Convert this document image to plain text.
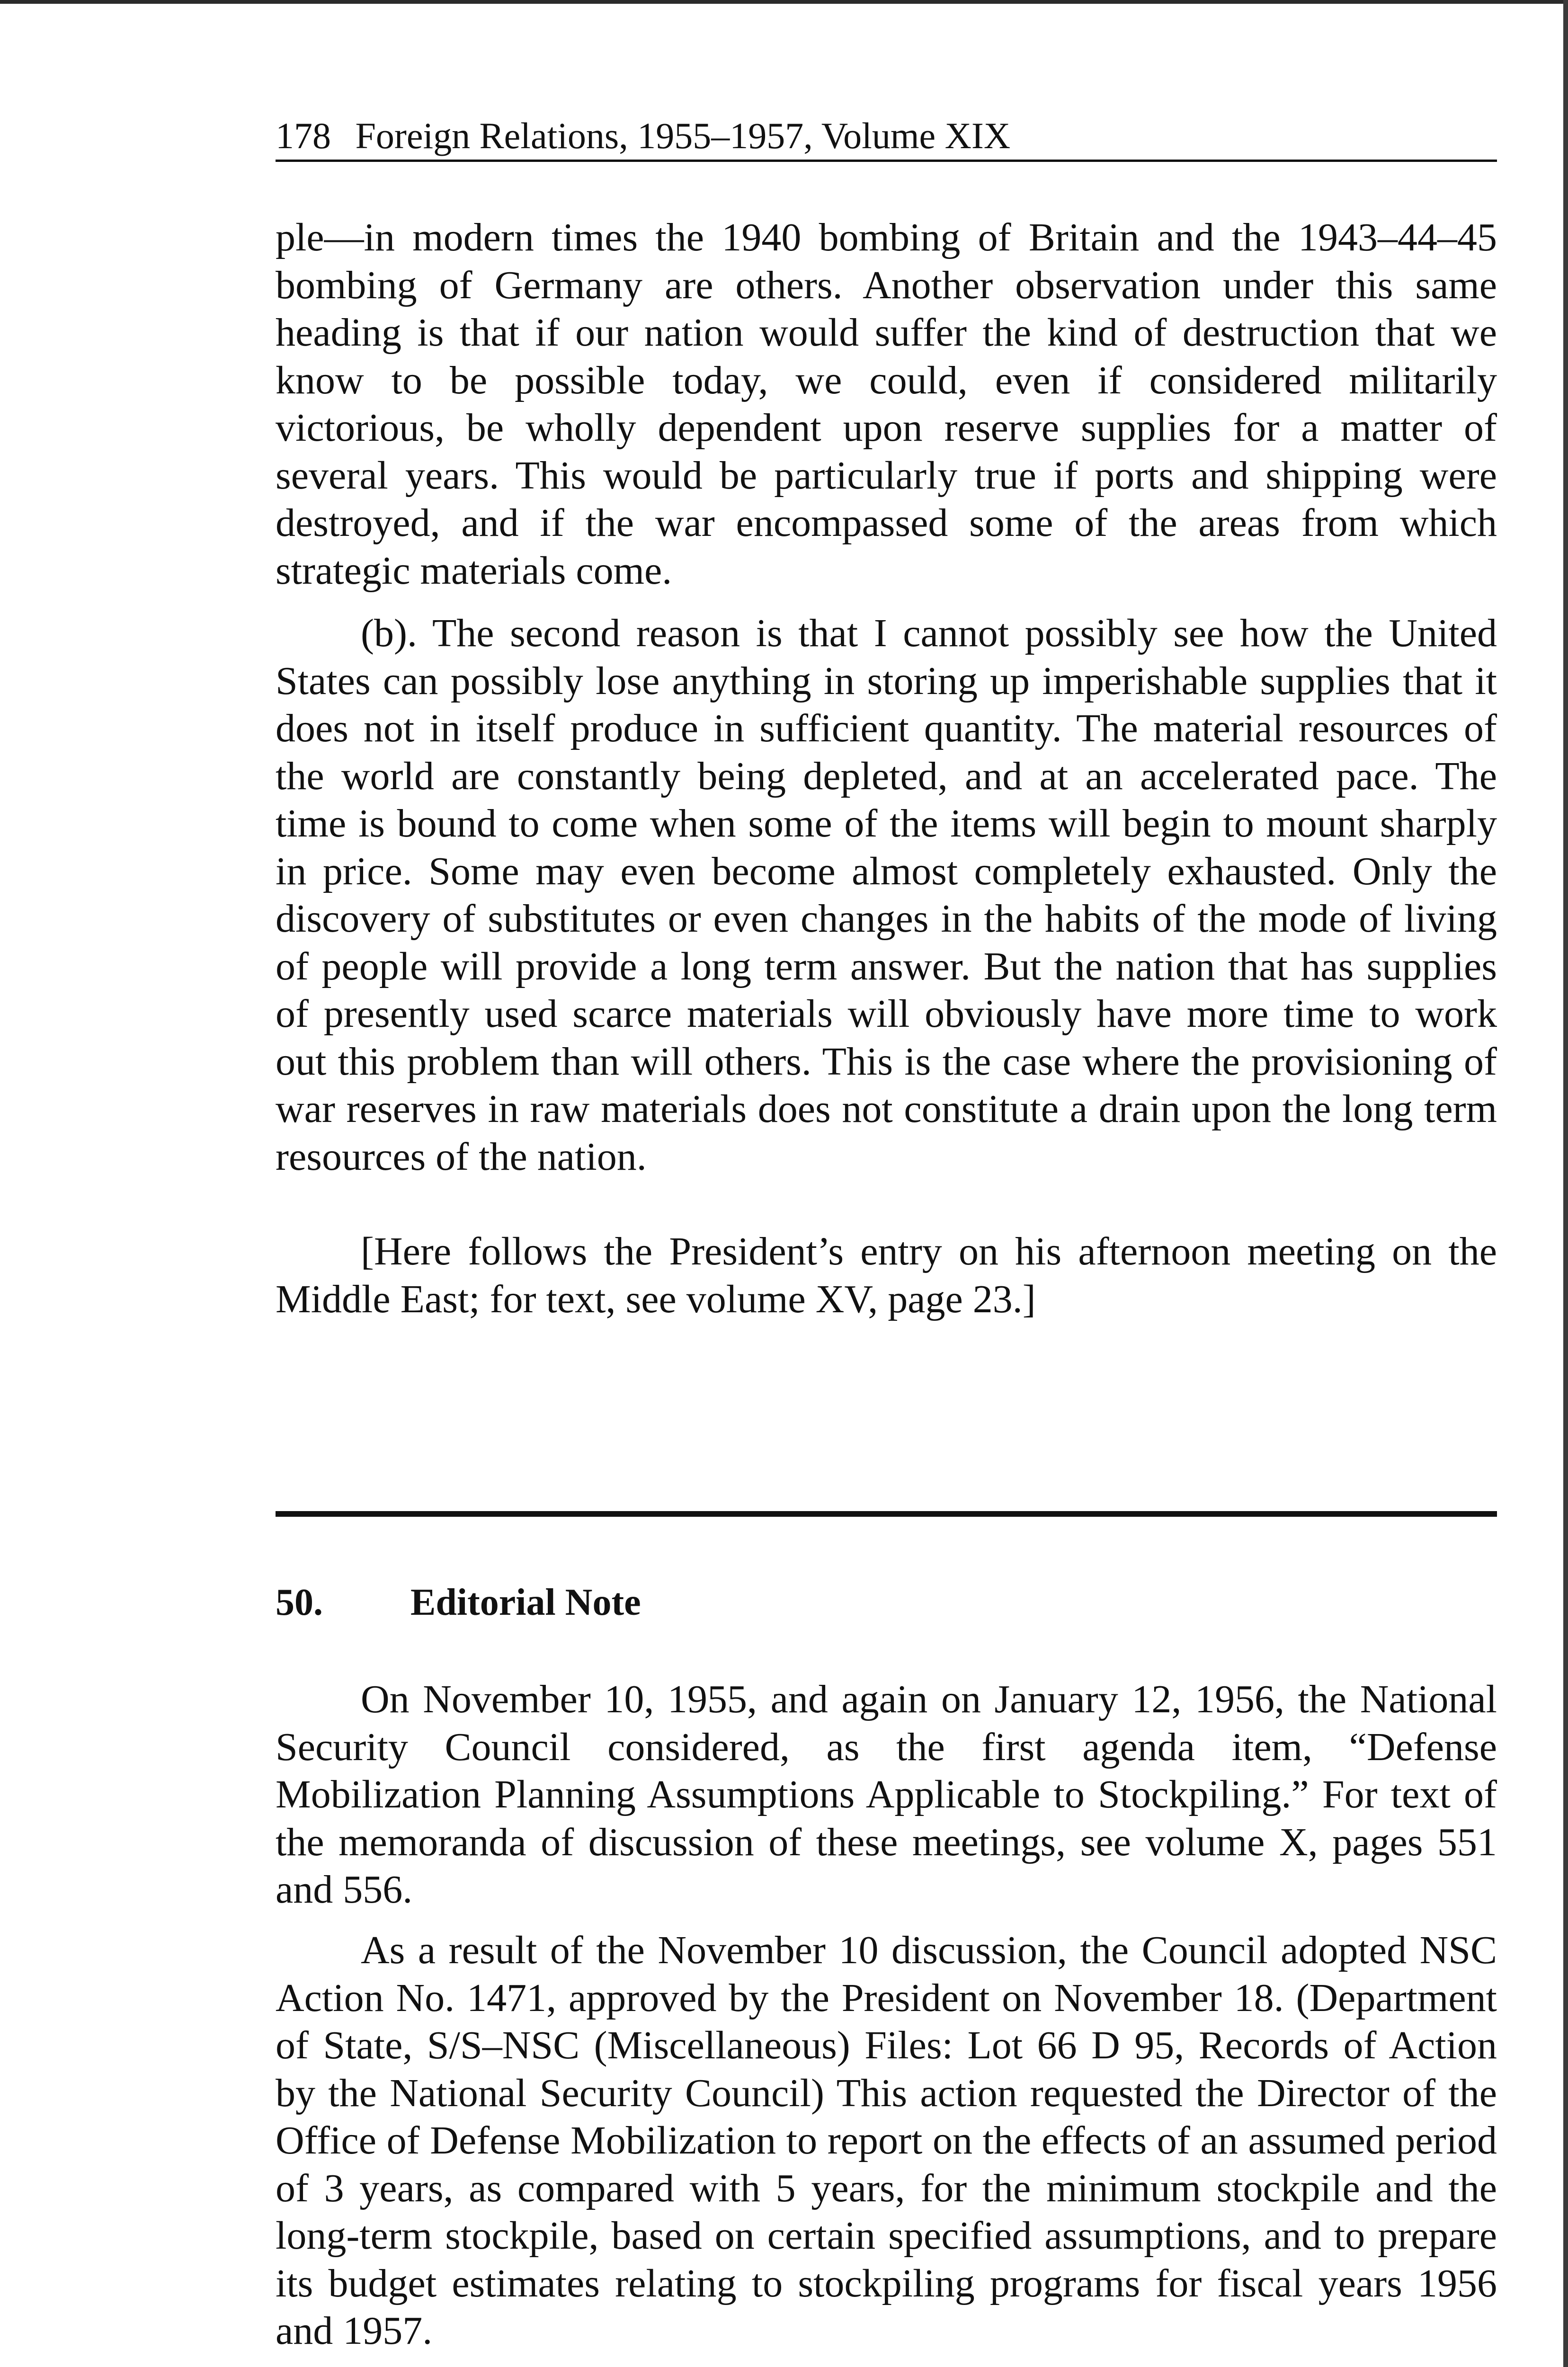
178 Foreign Relations, 1955–1957, Volume XIX

ple—in modern times the 1940 bombing of Britain and the 1943–44–45 bombing of Germany are others. Another observation under this same heading is that if our nation would suffer the kind of destruction that we know to be possible today, we could, even if considered militarily victorious, be wholly dependent upon reserve supplies for a matter of several years. This would be particularly true if ports and shipping were destroyed, and if the war encompassed some of the areas from which strategic materials come.

(b). The second reason is that I cannot possibly see how the United States can possibly lose anything in storing up imperishable supplies that it does not in itself produce in sufficient quantity. The material resources of the world are constantly being depleted, and at an accelerated pace. The time is bound to come when some of the items will begin to mount sharply in price. Some may even become almost completely exhausted. Only the discovery of substitutes or even changes in the habits of the mode of living of people will provide a long term answer. But the nation that has supplies of presently used scarce materials will obviously have more time to work out this problem than will others. This is the case where the provisioning of war reserves in raw materials does not constitute a drain upon the long term resources of the nation.

[Here follows the President’s entry on his afternoon meeting on the Middle East; for text, see volume XV, page 23.]

50. Editorial Note

On November 10, 1955, and again on January 12, 1956, the National Security Council considered, as the first agenda item, “Defense Mobilization Planning Assumptions Applicable to Stockpiling.” For text of the memoranda of discussion of these meetings, see volume X, pages 551 and 556.

As a result of the November 10 discussion, the Council adopted NSC Action No. 1471, approved by the President on November 18. (Department of State, S/S–NSC (Miscellaneous) Files: Lot 66 D 95, Records of Action by the National Security Council) This action requested the Director of the Office of Defense Mobilization to report on the effects of an assumed period of 3 years, as compared with 5 years, for the minimum stockpile and the long-term stockpile, based on certain specified assumptions, and to prepare its budget estimates relating to stockpiling programs for fiscal years 1956 and 1957.
